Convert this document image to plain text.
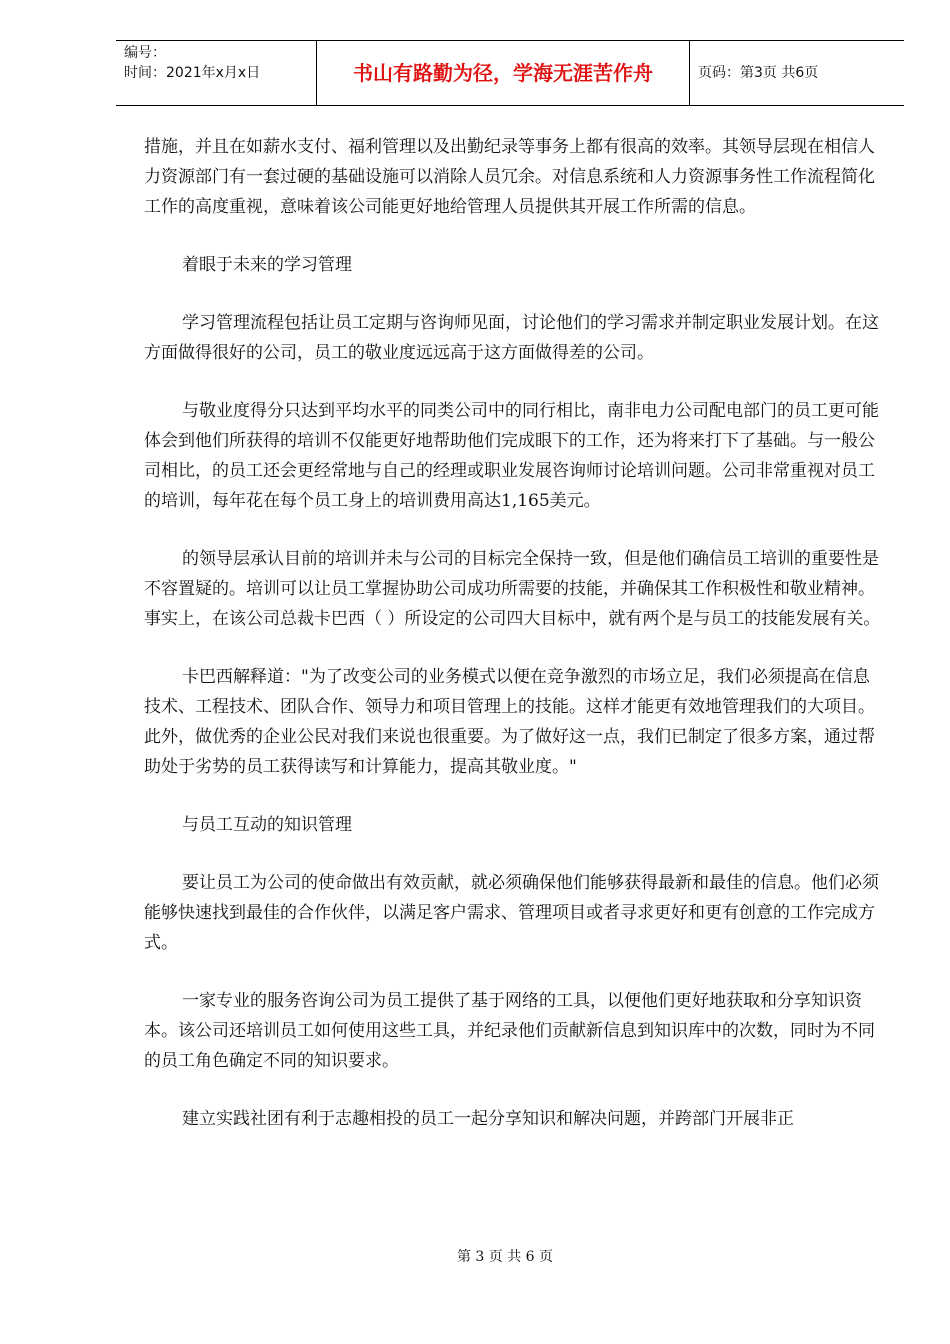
编号：
时间：2021年x月x日	书山有路勤为径，学海无涯苦作舟	页码：第3页 共6页

措施，并且在如薪水支付、福利管理以及出勤纪录等事务上都有很高的效率。其领导层现在相信人力资源部门有一套过硬的基础设施可以消除人员冗余。对信息系统和人力资源事务性工作流程简化工作的高度重视，意味着该公司能更好地给管理人员提供其开展工作所需的信息。

着眼于未来的学习管理

学习管理流程包括让员工定期与咨询师见面，讨论他们的学习需求并制定职业发展计划。在这方面做得很好的公司，员工的敬业度远远高于这方面做得差的公司。

与敬业度得分只达到平均水平的同类公司中的同行相比，南非电力公司配电部门的员工更可能体会到他们所获得的培训不仅能更好地帮助他们完成眼下的工作，还为将来打下了基础。与一般公司相比，的员工还会更经常地与自己的经理或职业发展咨询师讨论培训问题。公司非常重视对员工的培训，每年花在每个员工身上的培训费用高达1,165美元。

的领导层承认目前的培训并未与公司的目标完全保持一致，但是他们确信员工培训的重要性是不容置疑的。培训可以让员工掌握协助公司成功所需要的技能，并确保其工作积极性和敬业精神。事实上，在该公司总裁卡巴西（ ）所设定的公司四大目标中，就有两个是与员工的技能发展有关。

卡巴西解释道："为了改变公司的业务模式以便在竞争激烈的市场立足，我们必须提高在信息技术、工程技术、团队合作、领导力和项目管理上的技能。这样才能更有效地管理我们的大项目。此外，做优秀的企业公民对我们来说也很重要。为了做好这一点，我们已制定了很多方案，通过帮助处于劣势的员工获得读写和计算能力，提高其敬业度。"

与员工互动的知识管理

要让员工为公司的使命做出有效贡献，就必须确保他们能够获得最新和最佳的信息。他们必须能够快速找到最佳的合作伙伴，以满足客户需求、管理项目或者寻求更好和更有创意的工作完成方式。

一家专业的服务咨询公司为员工提供了基于网络的工具，以便他们更好地获取和分享知识资本。该公司还培训员工如何使用这些工具，并纪录他们贡献新信息到知识库中的次数，同时为不同的员工角色确定不同的知识要求。

建立实践社团有利于志趣相投的员工一起分享知识和解决问题，并跨部门开展非正

第 3 页 共 6 页
